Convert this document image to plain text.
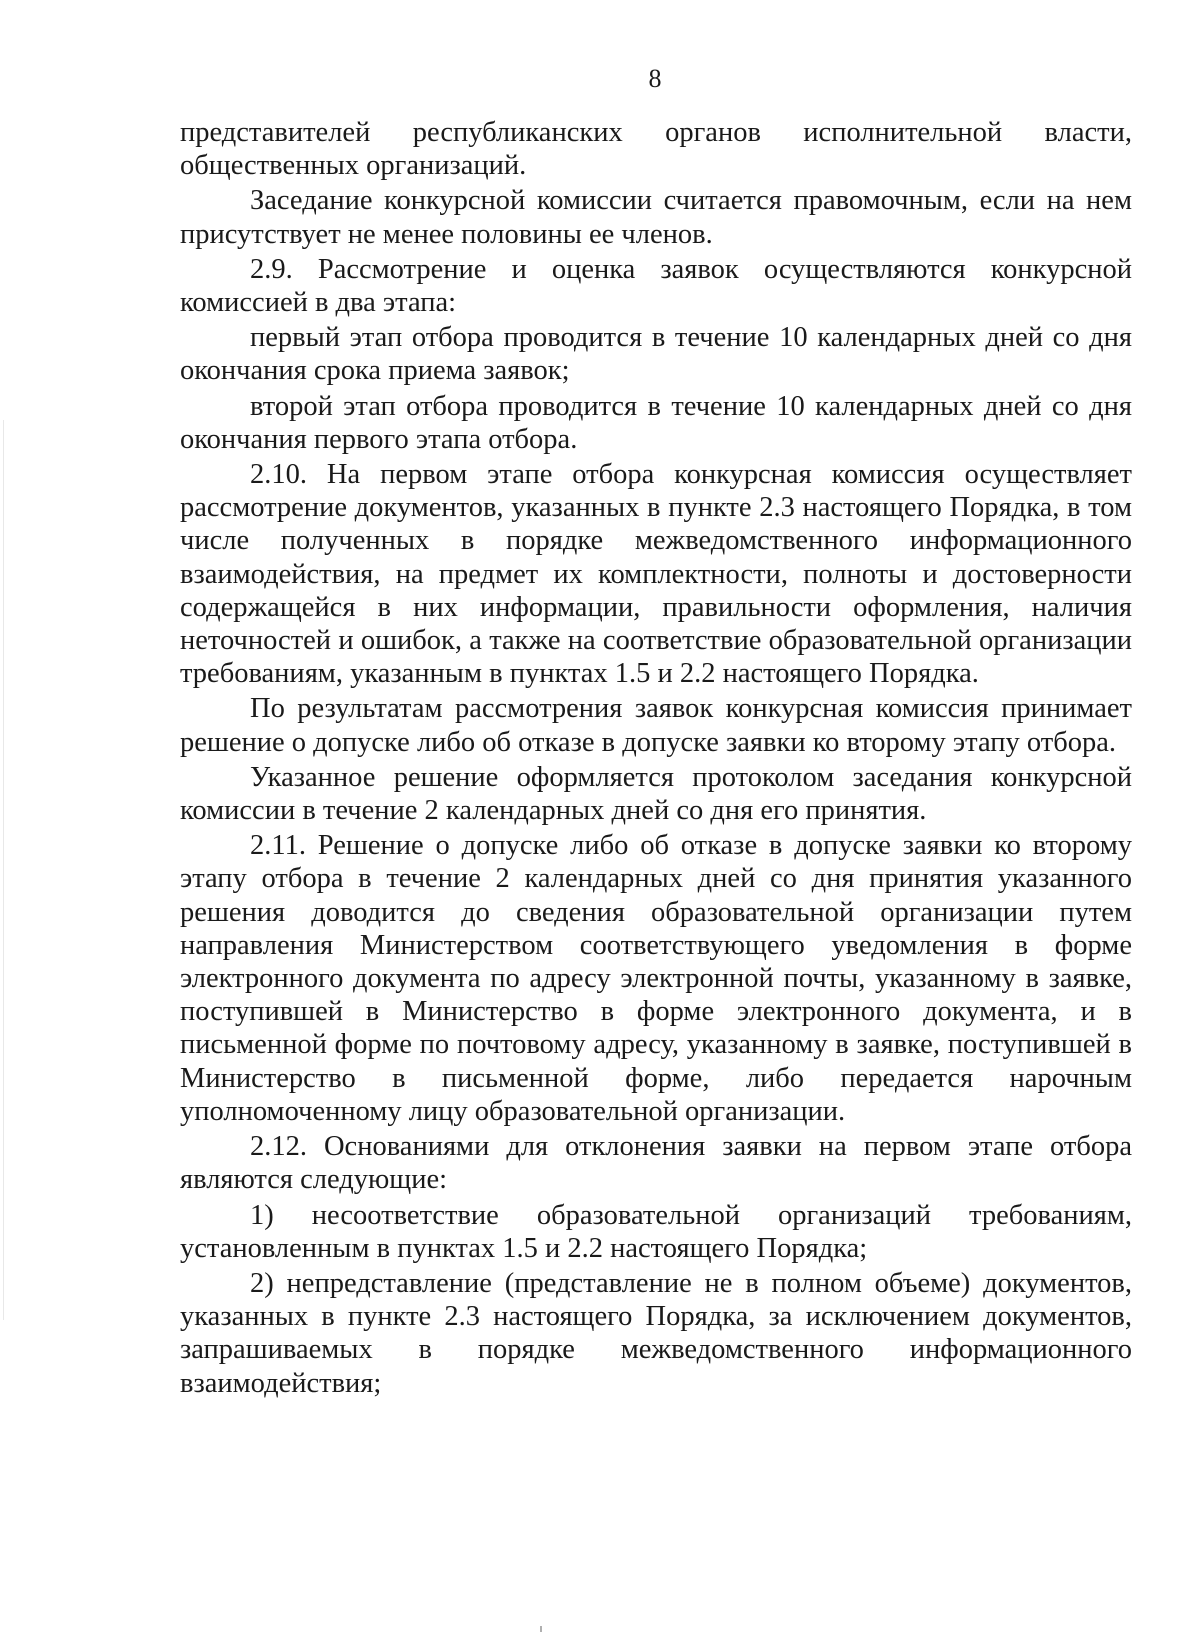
8

представителей республиканских органов исполнительной власти, общественных организаций.

Заседание конкурсной комиссии считается правомочным, если на нем присутствует не менее половины ее членов.

2.9. Рассмотрение и оценка заявок осуществляются конкурсной комиссией в два этапа:

первый этап отбора проводится в течение 10 календарных дней со дня окончания срока приема заявок;

второй этап отбора проводится в течение 10 календарных дней со дня окончания первого этапа отбора.

2.10. На первом этапе отбора конкурсная комиссия осуществляет рассмотрение документов, указанных в пункте 2.3 настоящего Порядка, в том числе полученных в порядке межведомственного информационного взаимодействия, на предмет их комплектности, полноты и достоверности содержащейся в них информации, правильности оформления, наличия неточностей и ошибок, а также на соответствие образовательной организации требованиям, указанным в пунктах 1.5 и 2.2 настоящего Порядка.

По результатам рассмотрения заявок конкурсная комиссия принимает решение о допуске либо об отказе в допуске заявки ко второму этапу отбора.

Указанное решение оформляется протоколом заседания конкурсной комиссии в течение 2 календарных дней со дня его принятия.

2.11. Решение о допуске либо об отказе в допуске заявки ко второму этапу отбора в течение 2 календарных дней со дня принятия указанного решения доводится до сведения образовательной организации путем направления Министерством соответствующего уведомления в форме электронного документа по адресу электронной почты, указанному в заявке, поступившей в Министерство в форме электронного документа, и в письменной форме по почтовому адресу, указанному в заявке, поступившей в Министерство в письменной форме, либо передается нарочным уполномоченному лицу образовательной организации.

2.12. Основаниями для отклонения заявки на первом этапе отбора являются следующие:

1) несоответствие образовательной организаций требованиям, установленным в пунктах 1.5 и 2.2 настоящего Порядка;

2) непредставление (представление не в полном объеме) документов, указанных в пункте 2.3 настоящего Порядка, за исключением документов, запрашиваемых в порядке межведомственного информационного взаимодействия;
